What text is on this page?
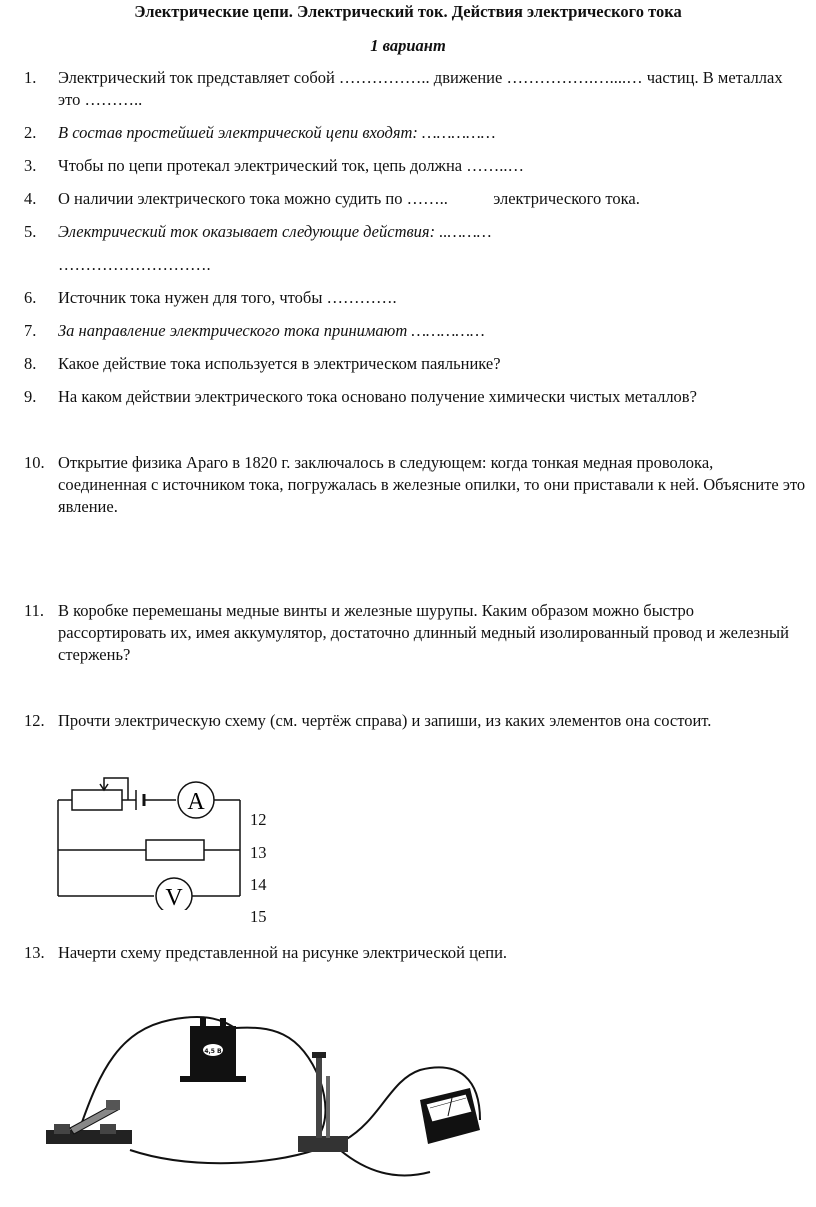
Электрические цепи. Электрический ток. Действия электрического тока
1 вариант
1.	Электрический ток представляет собой …………….. движение …………….…....… частиц. В металлах это ………..
2.	В состав простейшей электрической цепи входят: ……………
3.	Чтобы по цепи протекал электрический ток, цепь должна ……..…
4.	О наличии электрического тока можно судить по ……..           электрического тока.
5.	Электрический ток оказывает следующие действия: ..………
……………………….
6.	Источник тока нужен для того, чтобы ………….
7.	За направление электрического тока принимают ……………
8.	Какое действие тока используется в электрическом паяльнике?
9.	На каком действии электрического тока основано получение химически чистых металлов?
10. Открытие физика Араго в 1820 г. заключалось в следующем: когда тонкая медная проволока, соединенная с источником тока, погружалась в железные опилки, то они приставали к ней. Объясните это явление.
11. В коробке перемешаны медные винты и железные шурупы. Каким образом можно быстро рассортировать их, имея аккумулятор, достаточно длинный медный изолированный провод и железный стержень?
12. Прочти электрическую схему (см. чертёж справа) и запиши, из каких элементов она состоит.
A
V
12
13
14
15
13. Начерти схему представленной на рисунке электрической цепи.
4,5 В
